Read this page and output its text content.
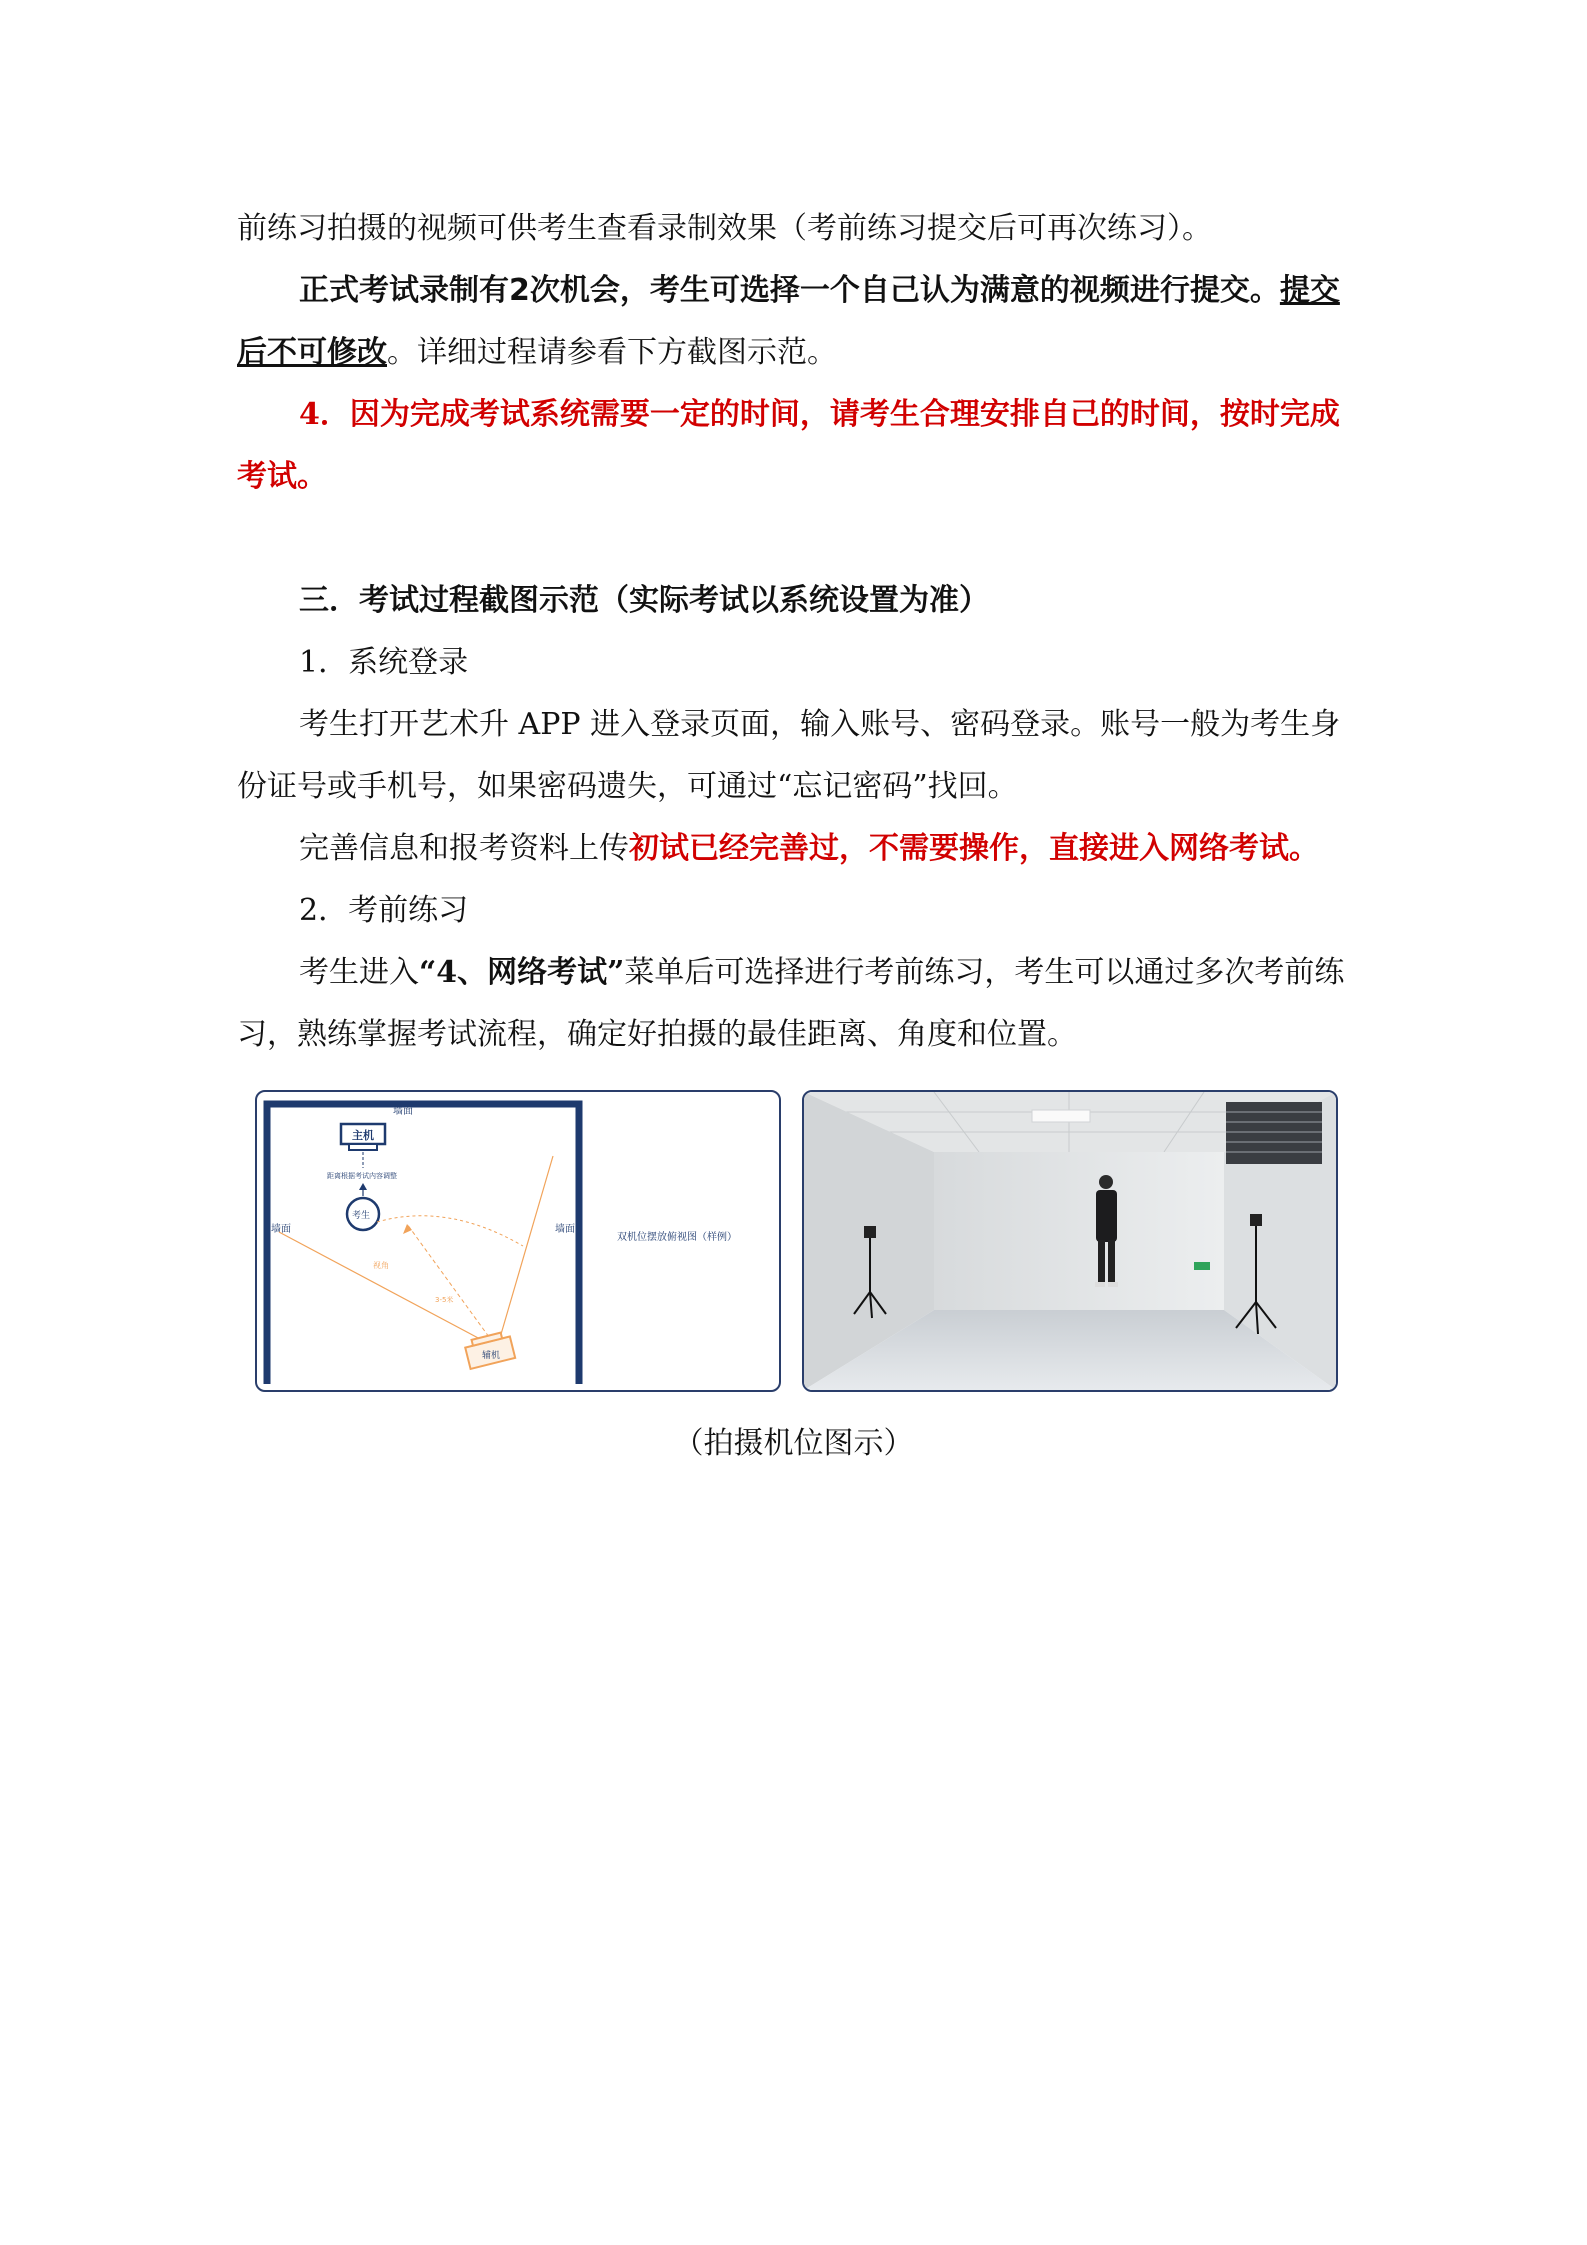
前练习拍摄的视频可供考生查看录制效果（考前练习提交后可再次练习）。

正式考试录制有2次机会，考生可选择一个自己认为满意的视频进行提交。提交后不可修改。详细过程请参看下方截图示范。

4．因为完成考试系统需要一定的时间，请考生合理安排自己的时间，按时完成考试。

三．考试过程截图示范（实际考试以系统设置为准）

1．系统登录

考生打开艺术升 APP 进入登录页面，输入账号、密码登录。账号一般为考生身份证号或手机号，如果密码遗失，可通过“忘记密码”找回。

完善信息和报考资料上传初试已经完善过，不需要操作，直接进入网络考试。

2．考前练习

考生进入“4、网络考试”菜单后可选择进行考前练习，考生可以通过多次考前练习，熟练掌握考试流程，确定好拍摄的最佳距离、角度和位置。

墙面
墙面	墙面
主机
距离根据考试内容调整
考生
视角
3-5米
辅机
双机位摆放俯视图（样例）
（拍摄机位图示）
